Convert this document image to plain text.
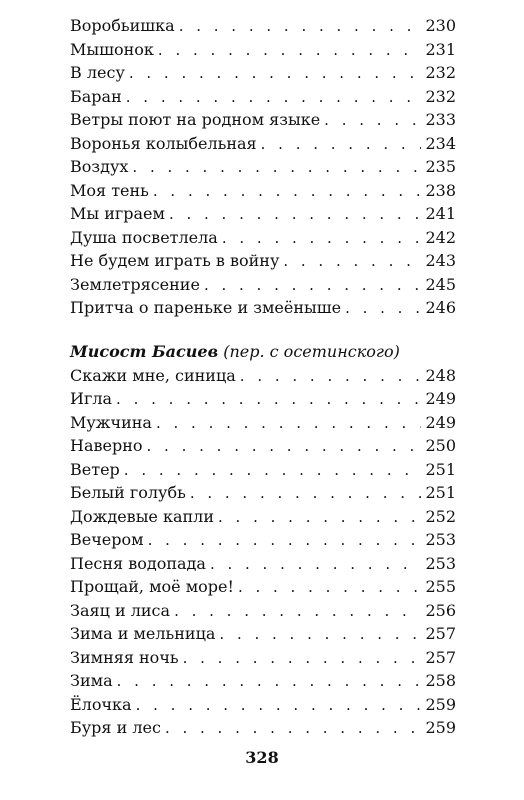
Воробьишка . . .	230
Мышонок . . .	231
В лесу . . .	232
Баран . . .	232
Ветры поют на родном языке . . .	233
Воронья колыбельная . . .	234
Воздух . . .	235
Моя тень . . .	238
Мы играем . . .	241
Душа посветлела . . .	242
Не будем играть в войну . . .	243
Землетрясение . . .	245
Притча о пареньке и змеёныше . . .	246
Мисост Басиев (пер. с осетинского)
Скажи мне, синица . . .	248
Игла . . .	249
Мужчина . . .	249
Наверно . . .	250
Ветер . . .	251
Белый голубь . . .	251
Дождевые капли . . .	252
Вечером . . .	253
Песня водопада . . .	253
Прощай, моё море! . . .	255
Заяц и лиса . . .	256
Зима и мельница . . .	257
Зимняя ночь . . .	257
Зима . . .	258
Ёлочка . . .	259
Буря и лес . . .	259
328
